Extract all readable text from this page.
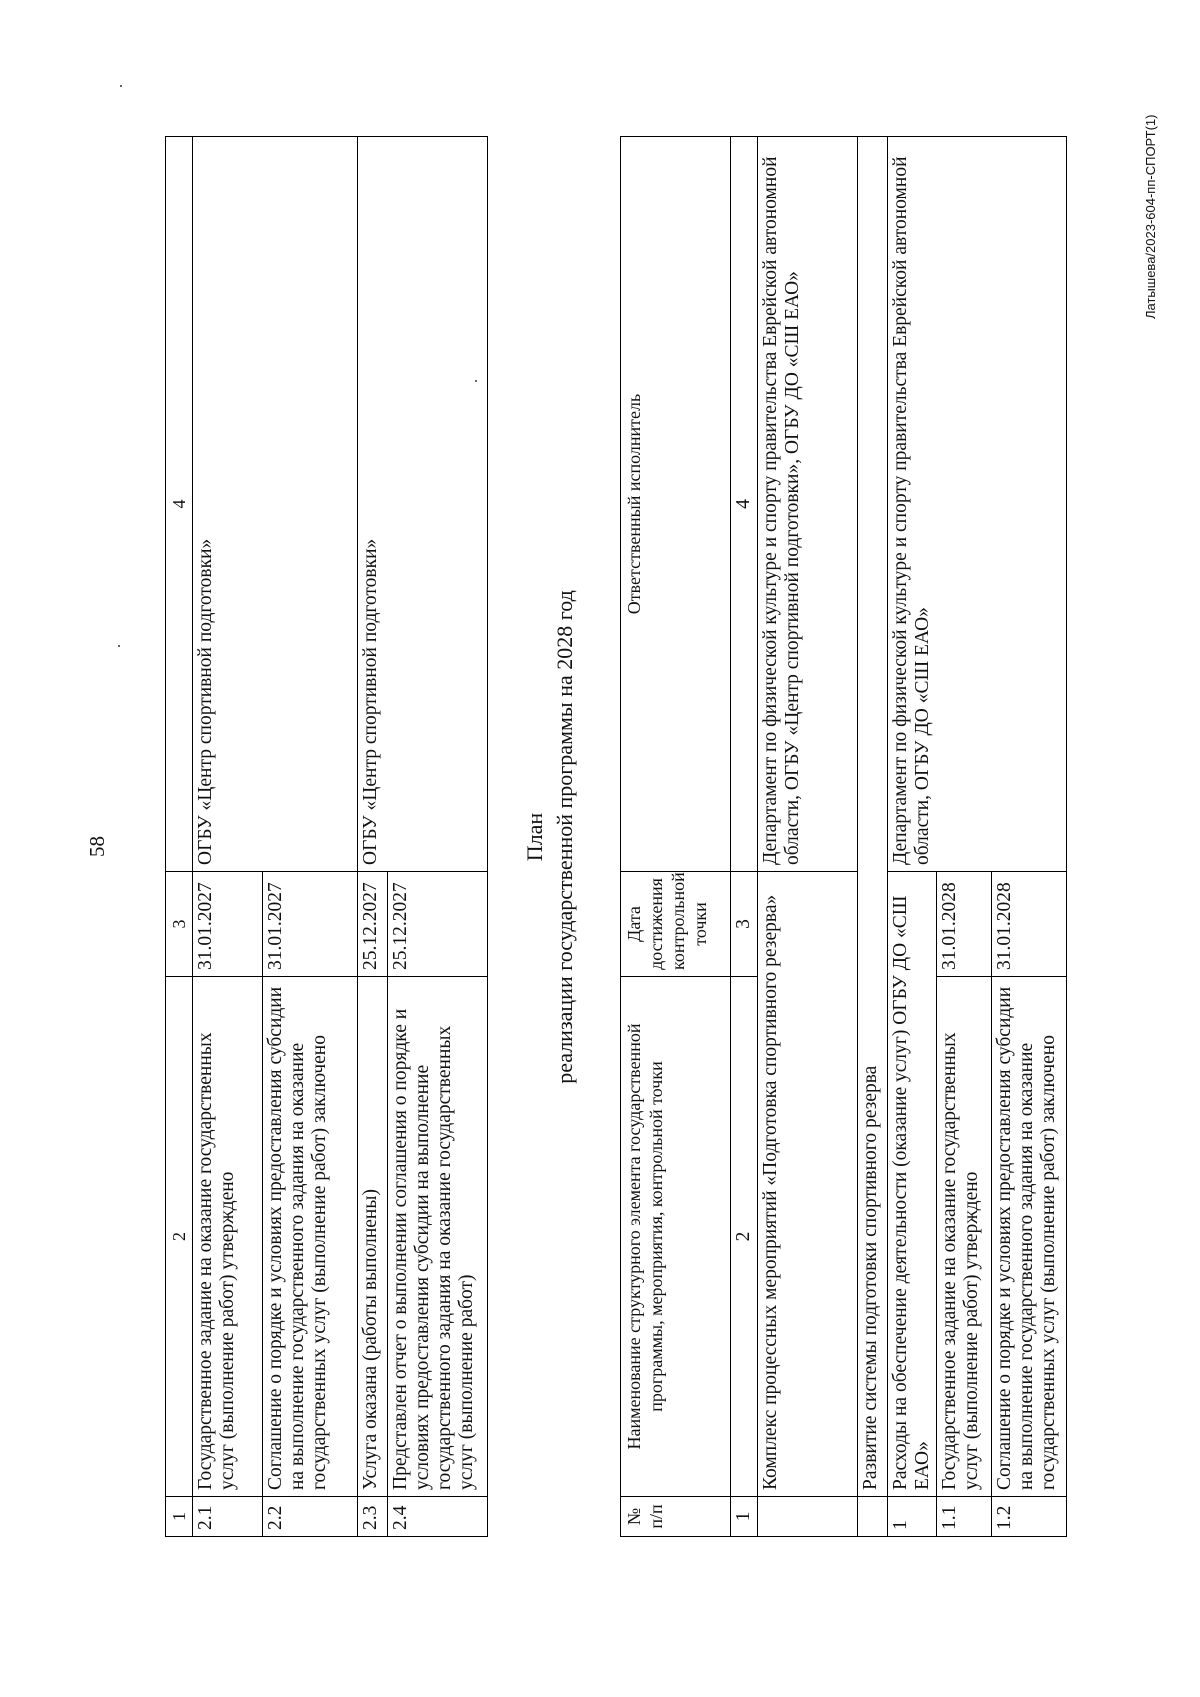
58
1	2	3	4
2.1	Государственное задание на оказание государственных услуг (выполнение работ) утверждено	31.01.2027	ОГБУ «Центр спортивной подготовки»
2.2	Соглашение о порядке и условиях предоставления субсидии на выполнение государственного задания на оказание государственных услуг (выполнение работ) заключено	31.01.2027	
2.3	Услуга оказана (работы выполнены)	25.12.2027	ОГБУ «Центр спортивной подготовки»
2.4	Представлен отчет о выполнении соглашения о порядке и условиях предоставления субсидии на выполнение государственного задания на оказание государственных услуг (выполнение работ)	25.12.2027	
План реализации государственной программы на 2028 год
№ п/п	Наименование структурного элемента государственной программы, мероприятия, контрольной точки	Дата достижения контрольной точки	Ответственный исполнитель
1	2	3	4
	Комплекс процессных мероприятий «Подготовка спортивного резерва»		Департамент по физической культуре и спорту правительства Еврейской автономной области, ОГБУ «Центр спортивной подготовки», ОГБУ ДО «СШ ЕАО»
	Развитие системы подготовки спортивного резерва		
1	Расходы на обеспечение деятельности (оказание услуг) ОГБУ ДО «СШ ЕАО»		Департамент по физической культуре и спорту правительства Еврейской автономной области, ОГБУ ДО «СШ ЕАО»
1.1	Государственное задание на оказание государственных услуг (выполнение работ) утверждено	31.01.2028	
1.2	Соглашение о порядке и условиях предоставления субсидии на выполнение государственного задания на оказание государственных услуг (выполнение работ) заключено	31.01.2028	
Латышева/2023-604-пп-СПОРТ(1)
